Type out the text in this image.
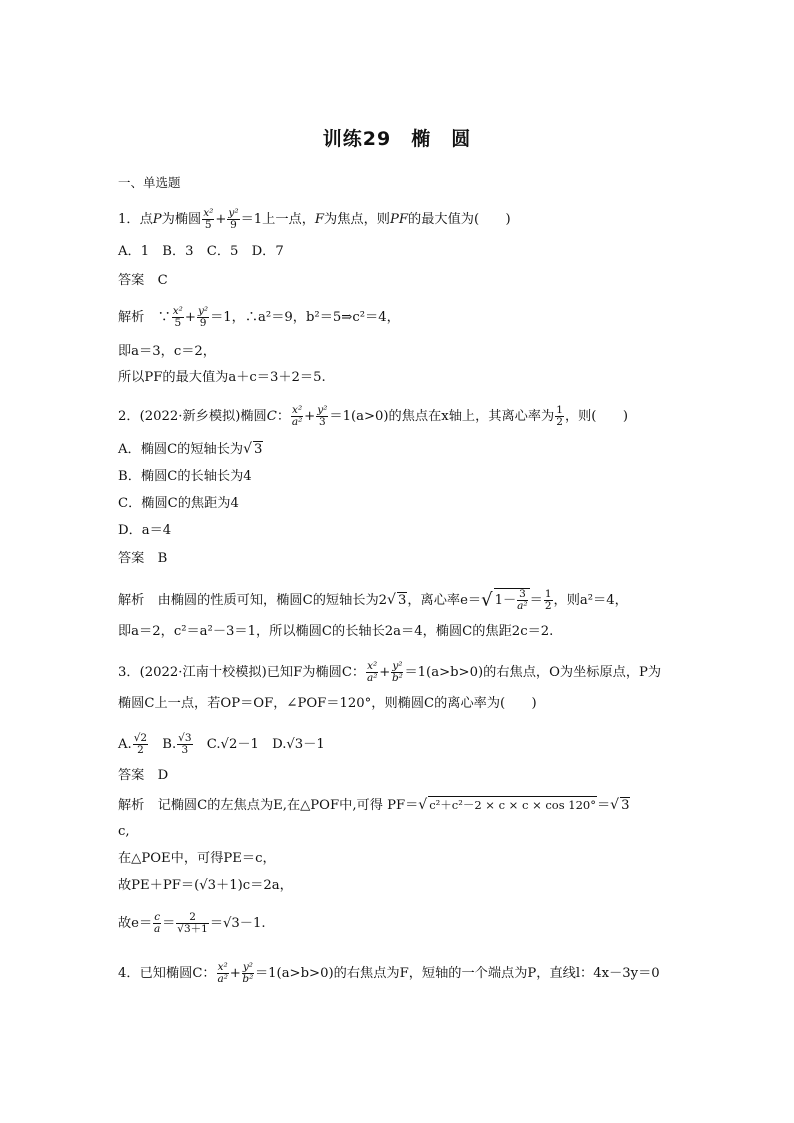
训练29　椭　圆
一、单选题
1．点P为椭圆 $\frac{\text{x²}}{5} + \frac{\text{y²}}{9} =1$上一点，F为焦点，则PF的最大值为(　　)
A．1　B．3　C．5　D．7
答案　 C
解析　 ∵ $\frac{\text{x²}}{5} + \frac{\text{y²}}{9} =1$，∴a²＝9，b²＝5⇒c²＝4，
即a＝3，c＝2，
所以PF的最大值为a＋c＝3＋2＝5.
2．(2022·新乡模拟)椭圆C： $\frac{\text{x²}}{\text{a²}}+ \frac{\text{y²}}{3} =1(a>0)$的焦点在x轴上，其离心率为 $\frac{1}{2}$ ，则(　　)
A．椭圆C的短轴长为√ 3
B．椭圆C的长轴长为4
C．椭圆C的焦距为4
D．a＝4
答案　 B
解析　 由椭圆的性质可知，椭圆C的短轴长为2√ 3，离心率e＝√ $1- \frac{3}{\text{a²}} = \frac{1}{2}$ ，则a²＝4，
即a＝2，c²＝a²－3＝1，所以椭圆C的长轴长2a＝4，椭圆C的焦距2c＝2.
3．(2022·江南十校模拟)已知F为椭圆C： $\frac{\text{x²}}{\text{a²}}+ \frac{\text{y²}}{\text{b²}}=1(a>b>0)$的右焦点，O为坐标原点，P为
椭圆C上一点，若OP＝OF，∠POF＝120°，则椭圆C的离心率为(　　)
A. $\frac{√2}{2}$
　 B. $\frac{√3}{3}$
　 C.√2－1　 D.√3－1
答案　 D
解析　 记椭圆C的左焦点为E,在△POF中,可得 PF＝√ c²＋c²－2 × c × c × cos 120°＝√ 3
c,
在△POE中，可得PE＝c，
故PE＋PF＝(√3＋1)c＝2a，
故$e= \frac{c}{a}= \frac{2}{√3+1} =√3-1$.
4．已知椭圆C： $\frac{\text{x²}}{\text{a²}}+ \frac{\text{y²}}{\text{b²}}=1(a>b>0)$的右焦点为F，短轴的一个端点为P，直线l：4x－3y＝0
